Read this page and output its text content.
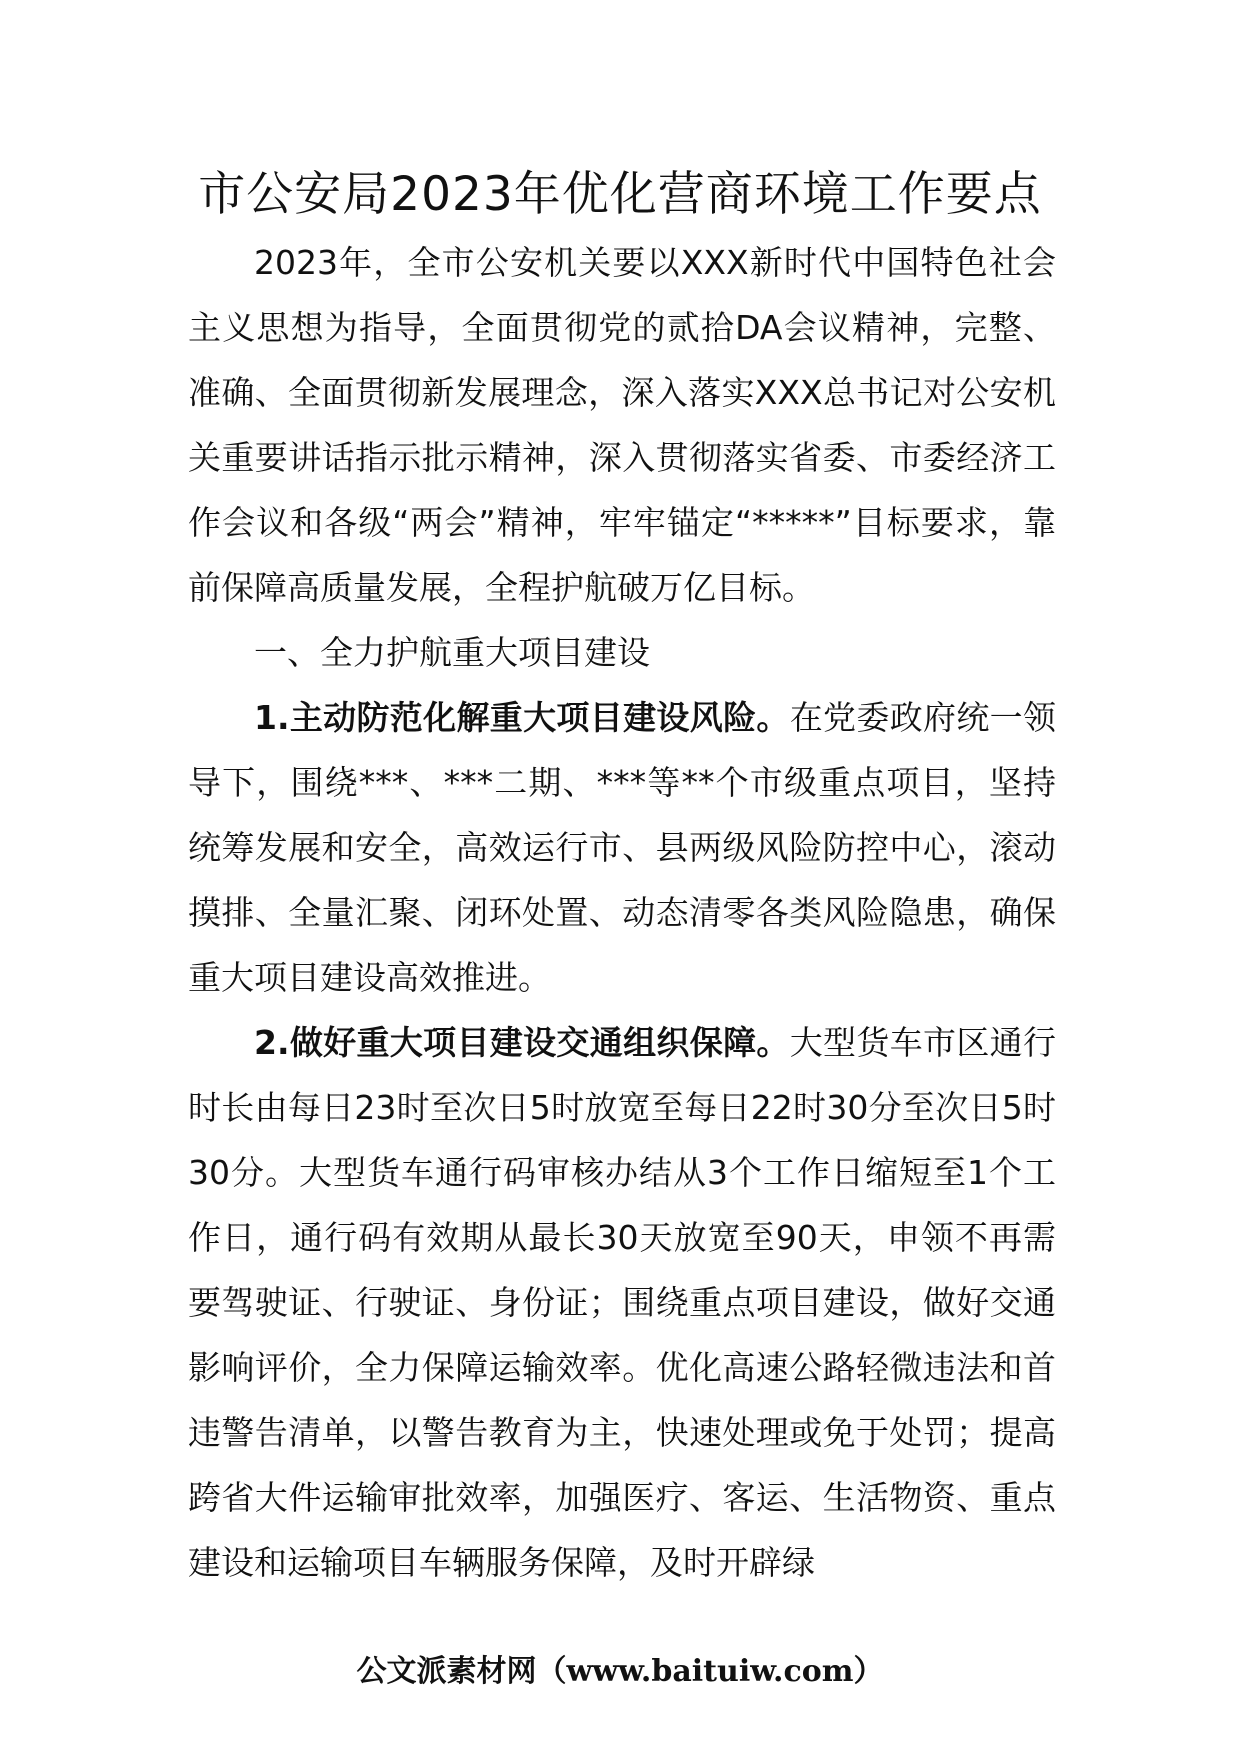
市公安局2023年优化营商环境工作要点

2023年，全市公安机关要以XXX新时代中国特色社会主义思想为指导，全面贯彻党的贰拾DA会议精神，完整、准确、全面贯彻新发展理念，深入落实XXX总书记对公安机关重要讲话指示批示精神，深入贯彻落实省委、市委经济工作会议和各级“两会”精神，牢牢锚定“*****”目标要求，靠前保障高质量发展，全程护航破万亿目标。

一、全力护航重大项目建设

1.主动防范化解重大项目建设风险。在党委政府统一领导下，围绕***、***二期、***等**个市级重点项目，坚持统筹发展和安全，高效运行市、县两级风险防控中心，滚动摸排、全量汇聚、闭环处置、动态清零各类风险隐患，确保重大项目建设高效推进。

2.做好重大项目建设交通组织保障。大型货车市区通行时长由每日23时至次日5时放宽至每日22时30分至次日5时30分。大型货车通行码审核办结从3个工作日缩短至1个工作日，通行码有效期从最长30天放宽至90天，申领不再需要驾驶证、行驶证、身份证；围绕重点项目建设，做好交通影响评价，全力保障运输效率。优化高速公路轻微违法和首违警告清单，以警告教育为主，快速处理或免于处罚；提高跨省大件运输审批效率，加强医疗、客运、生活物资、重点建设和运输项目车辆服务保障，及时开辟绿

公文派素材网（www.baituiw.com）
